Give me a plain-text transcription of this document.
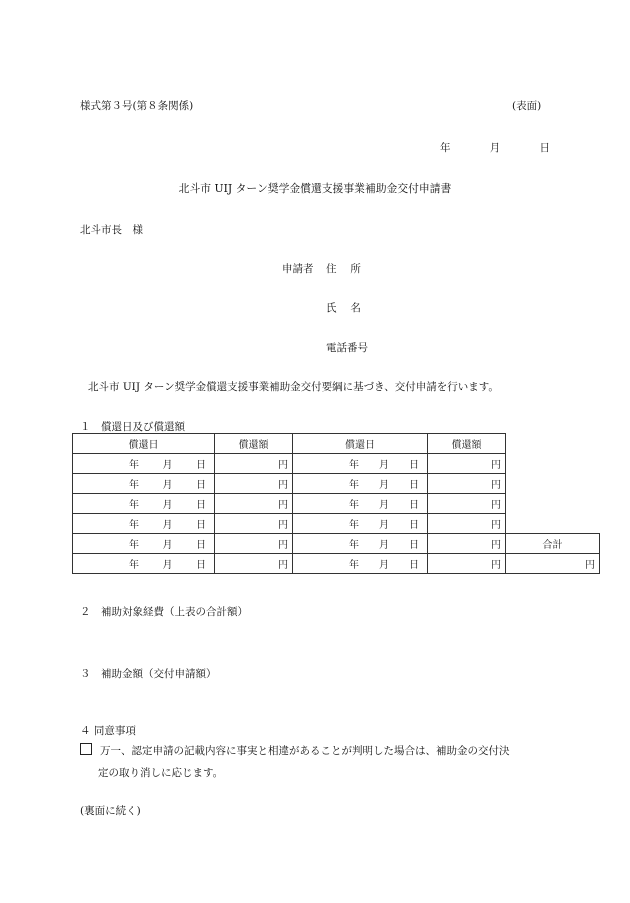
様式第３号(第８条関係)	(表面)
年	月	日
北斗市 UIJ ターン奨学金償還支援事業補助金交付申請書
北斗市長　様
申請者 住　 所
氏　 名
電話番号
北斗市 UIJ ターン奨学金償還支援事業補助金交付要綱に基づき、交付申請を行います。
１　償還日及び償還額
償還日	償還額	償還日	償還額	

年 月 日	円	年 月 日	円	

年 月 日	円	年 月 日	円	

年 月 日	円	年 月 日	円	

年 月 日	円	年 月 日	円	

年 月 日	円	年 月 日	円	合計

年 月 日	円	年 月 日	円	円
２　補助対象経費（上表の合計額）
３　補助金額（交付申請額）
４ 同意事項
万一、認定申請の記載内容に事実と相違があることが判明した場合は、補助金の交付決
定の取り消しに応じます。
(裏面に続く)
